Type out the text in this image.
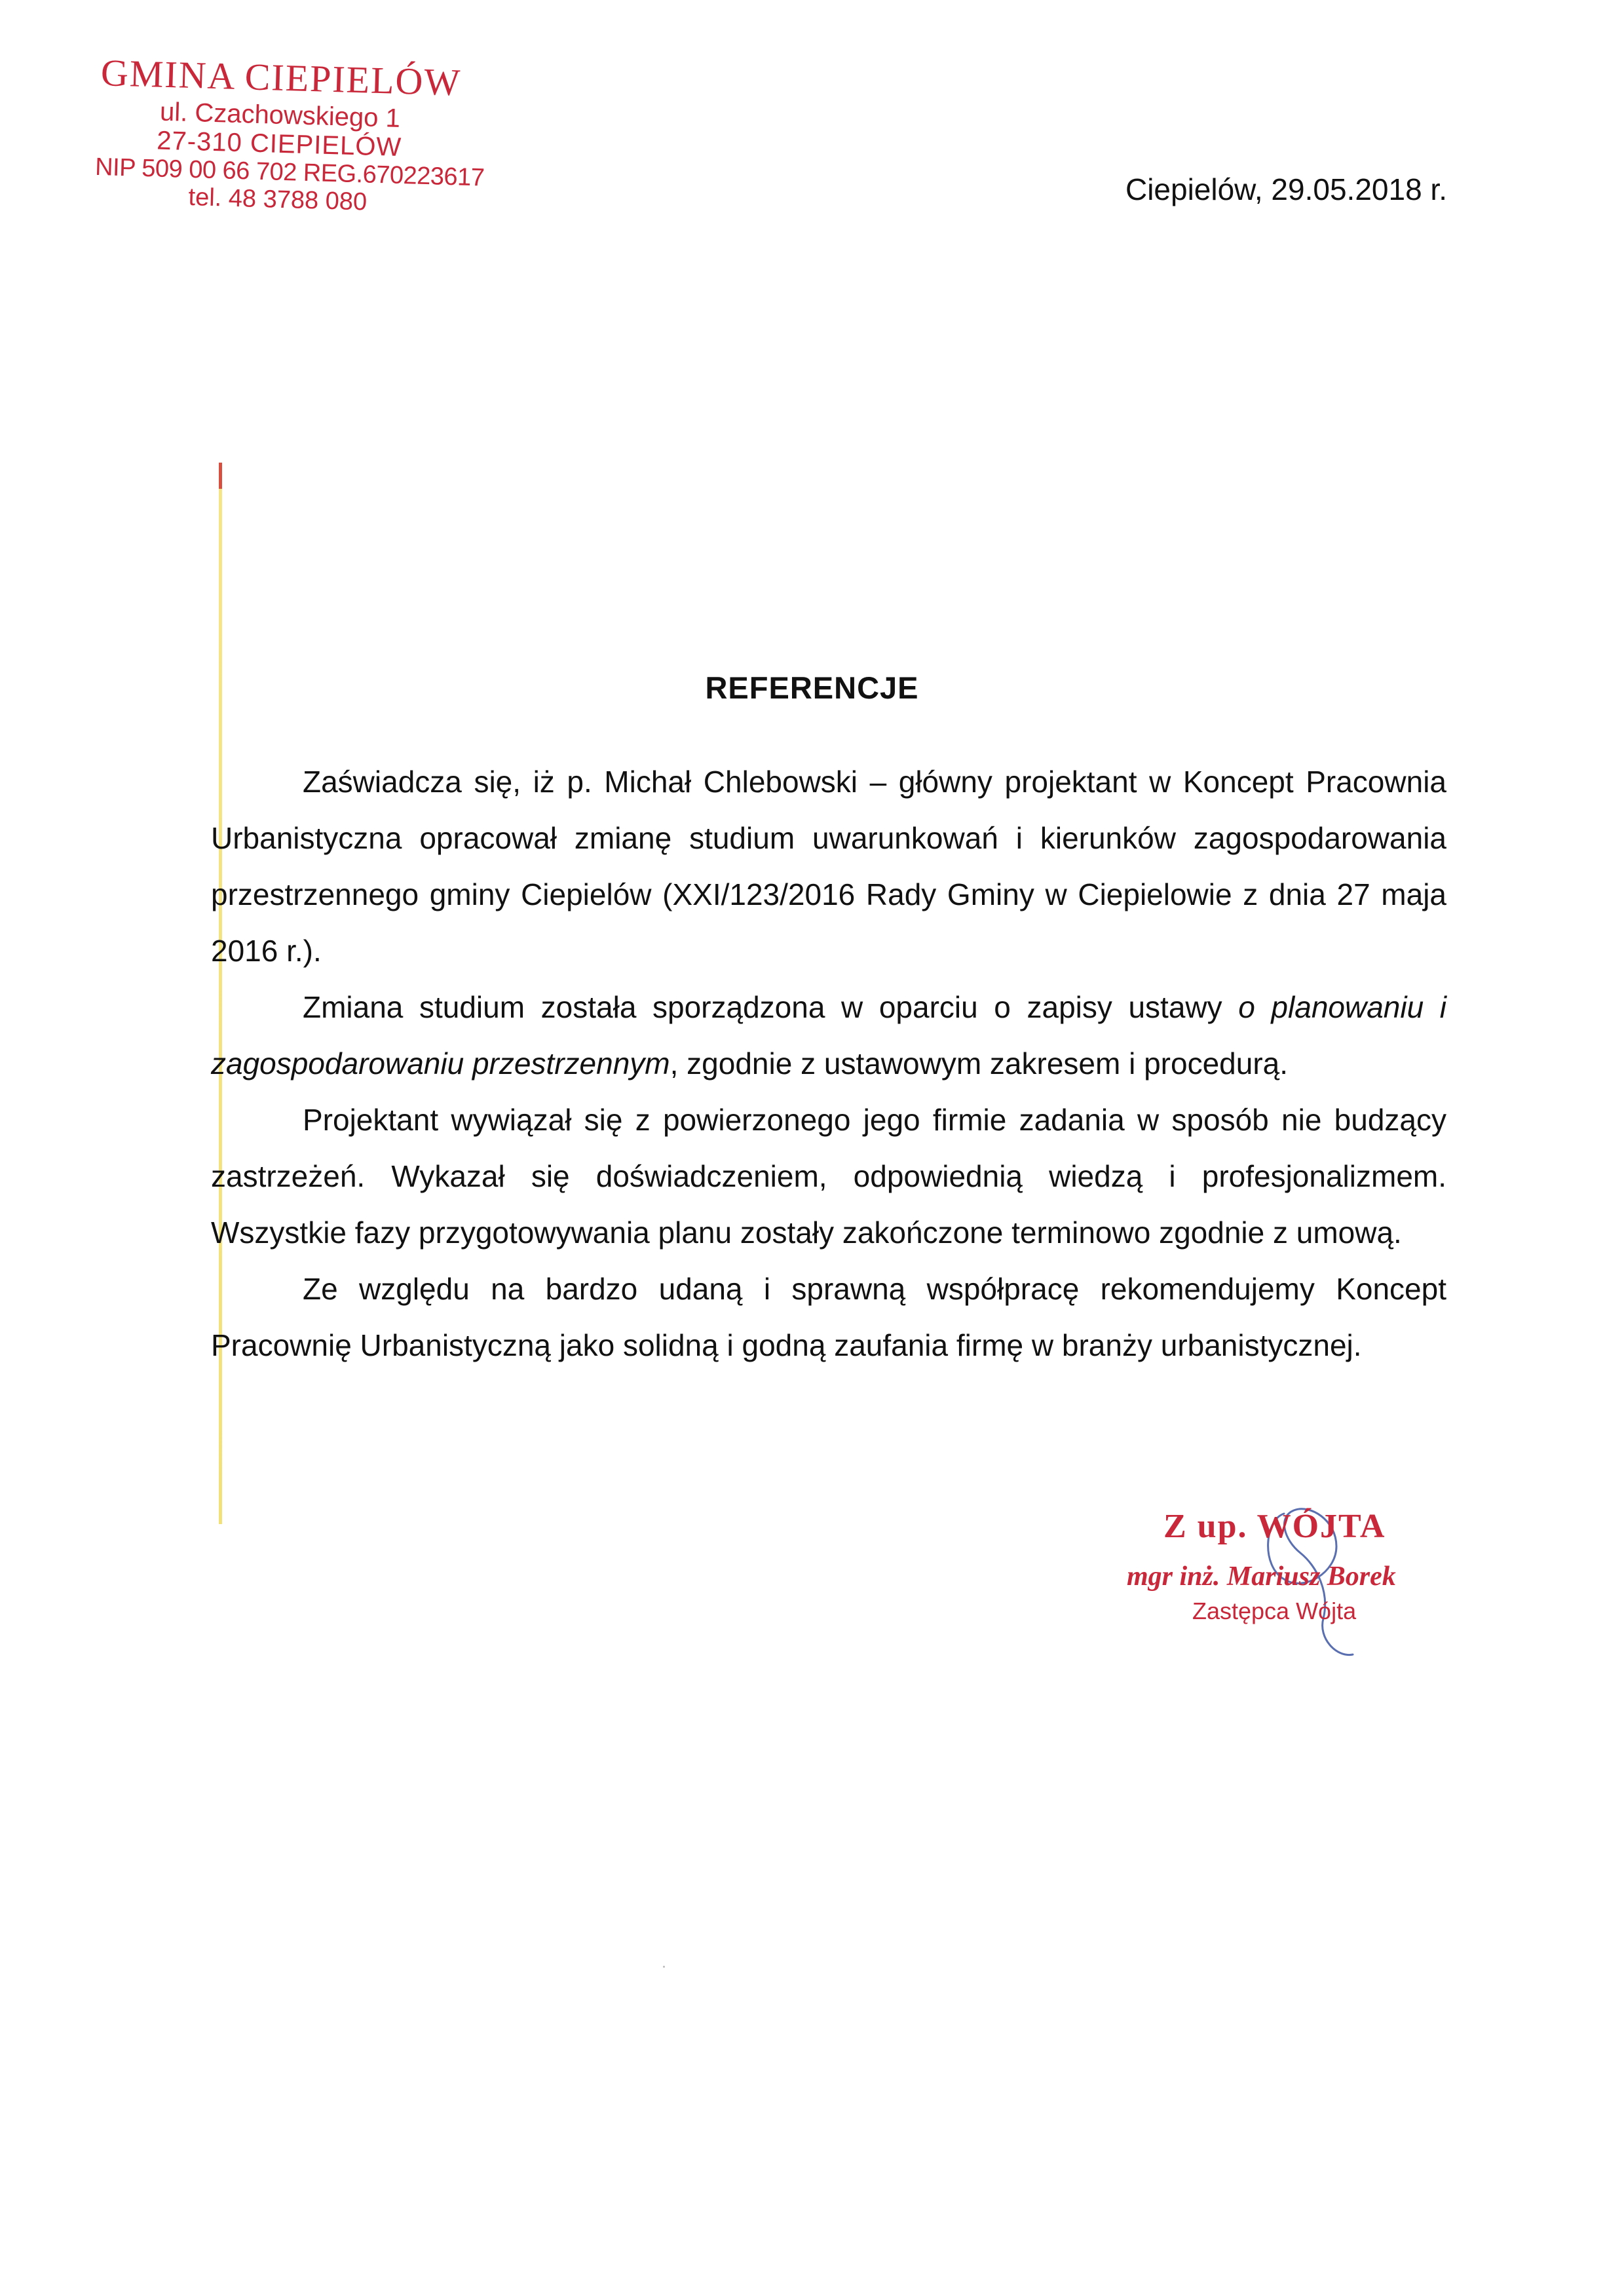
GMINA CIEPIELÓW
ul. Czachowskiego 1
27-310 CIEPIELÓW
NIP 509 00 66 702 REG.670223617
tel. 48 3788 080	Ciepielów, 29.05.2018 r.
REFERENCJE

Zaświadcza się, iż p. Michał Chlebowski – główny projektant w Koncept Pracownia Urbanistyczna opracował zmianę studium uwarunkowań i kierunków zagospodarowania przestrzennego gminy Ciepielów (XXI/123/2016 Rady Gminy w Ciepielowie z dnia 27 maja 2016 r.).

Zmiana studium została sporządzona w oparciu o zapisy ustawy o planowaniu i zagospodarowaniu przestrzennym, zgodnie z ustawowym zakresem i procedurą.

Projektant wywiązał się z powierzonego jego firmie zadania w sposób nie budzący zastrzeżeń. Wykazał się doświadczeniem, odpowiednią wiedzą i profesjonalizmem. Wszystkie fazy przygotowywania planu zostały zakończone terminowo zgodnie z umową.

Ze względu na bardzo udaną i sprawną współpracę rekomendujemy Koncept Pracownię Urbanistyczną jako solidną i godną zaufania firmę w branży urbanistycznej.

Z up. WÓJTA
mgr inż. Mariusz Borek
Zastępca Wójta
